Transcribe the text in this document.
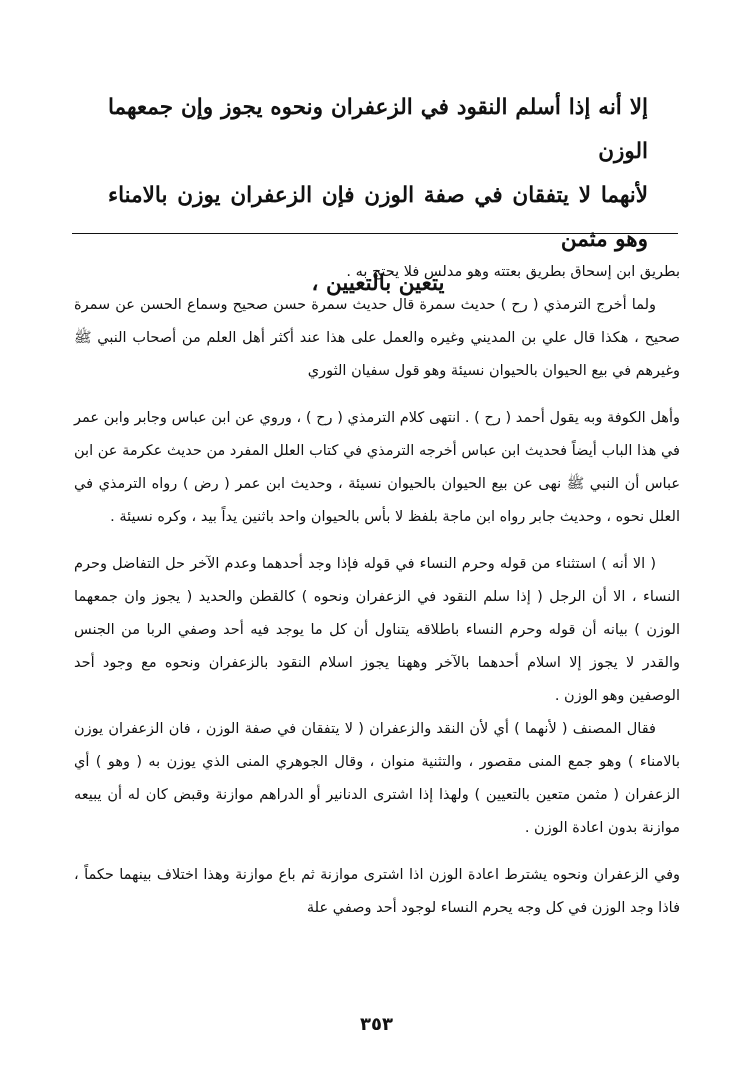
إلا أنه إذا أسلم النقود في الزعفران ونحوه يجوز وإن جمعهما الوزن
لأنهما لا يتفقان في صفة الوزن فإن الزعفران يوزن بالامناء وهو مثمن
يتعين بالتعيين ،
بطريق ابن إسحاق بطريق بعتته وهو مدلس فلا يحتج به .
ولما أخرج الترمذي ( رح ) حديث سمرة قال حديث سمرة حسن صحيح وسماع الحسن عن سمرة صحيح ، هكذا قال علي بن المديني وغيره والعمل على هذا عند أكثر أهل العلم من أصحاب النبي ﷺ وغيرهم في بيع الحيوان بالحيوان نسيئة وهو قول سفيان الثوري
وأهل الكوفة وبه يقول أحمد ( رح ) . انتهى كلام الترمذي ( رح ) ، وروي عن ابن عباس وجابر وابن عمر في هذا الباب أيضاً فحديث ابن عباس أخرجه الترمذي في كتاب العلل المفرد من حديث عكرمة عن ابن عباس أن النبي ﷺ نهى عن بيع الحيوان بالحيوان نسيئة ، وحديث ابن عمر ( رض ) رواه الترمذي في العلل نحوه ، وحديث جابر رواه ابن ماجة بلفظ لا بأس بالحيوان واحد باثنين يداً بيد ، وكره نسيئة .
( الا أنه ) استثناء من قوله وحرم النساء في قوله فإذا وجد أحدهما وعدم الآخر حل التفاضل وحرم النساء ، الا أن الرجل ( إذا سلم النقود في الزعفران ونحوه ) كالقطن والحديد ( يجوز وان جمعهما الوزن ) بيانه أن قوله وحرم النساء باطلاقه يتناول أن كل ما يوجد فيه أحد وصفي الربا من الجنس والقدر لا يجوز إلا اسلام أحدهما بالآخر وههنا يجوز اسلام النقود بالزعفران ونحوه مع وجود أحد الوصفين وهو الوزن .
فقال المصنف ( لأنهما ) أي لأن النقد والزعفران ( لا يتفقان في صفة الوزن ، فان الزعفران يوزن بالامناء ) وهو جمع المنى مقصور ، والتثنية منوان ، وقال الجوهري المنى الذي يوزن به ( وهو ) أي الزعفران ( مثمن متعين بالتعيين ) ولهذا إذا اشترى الدنانير أو الدراهم موازنة وقبض كان له أن يبيعه موازنة بدون اعادة الوزن .
وفي الزعفران ونحوه يشترط اعادة الوزن اذا اشترى موازنة ثم باع موازنة وهذا اختلاف بينهما حكماً ، فاذا وجد الوزن في كل وجه يحرم النساء لوجود أحد وصفي علة
٣٥٣
